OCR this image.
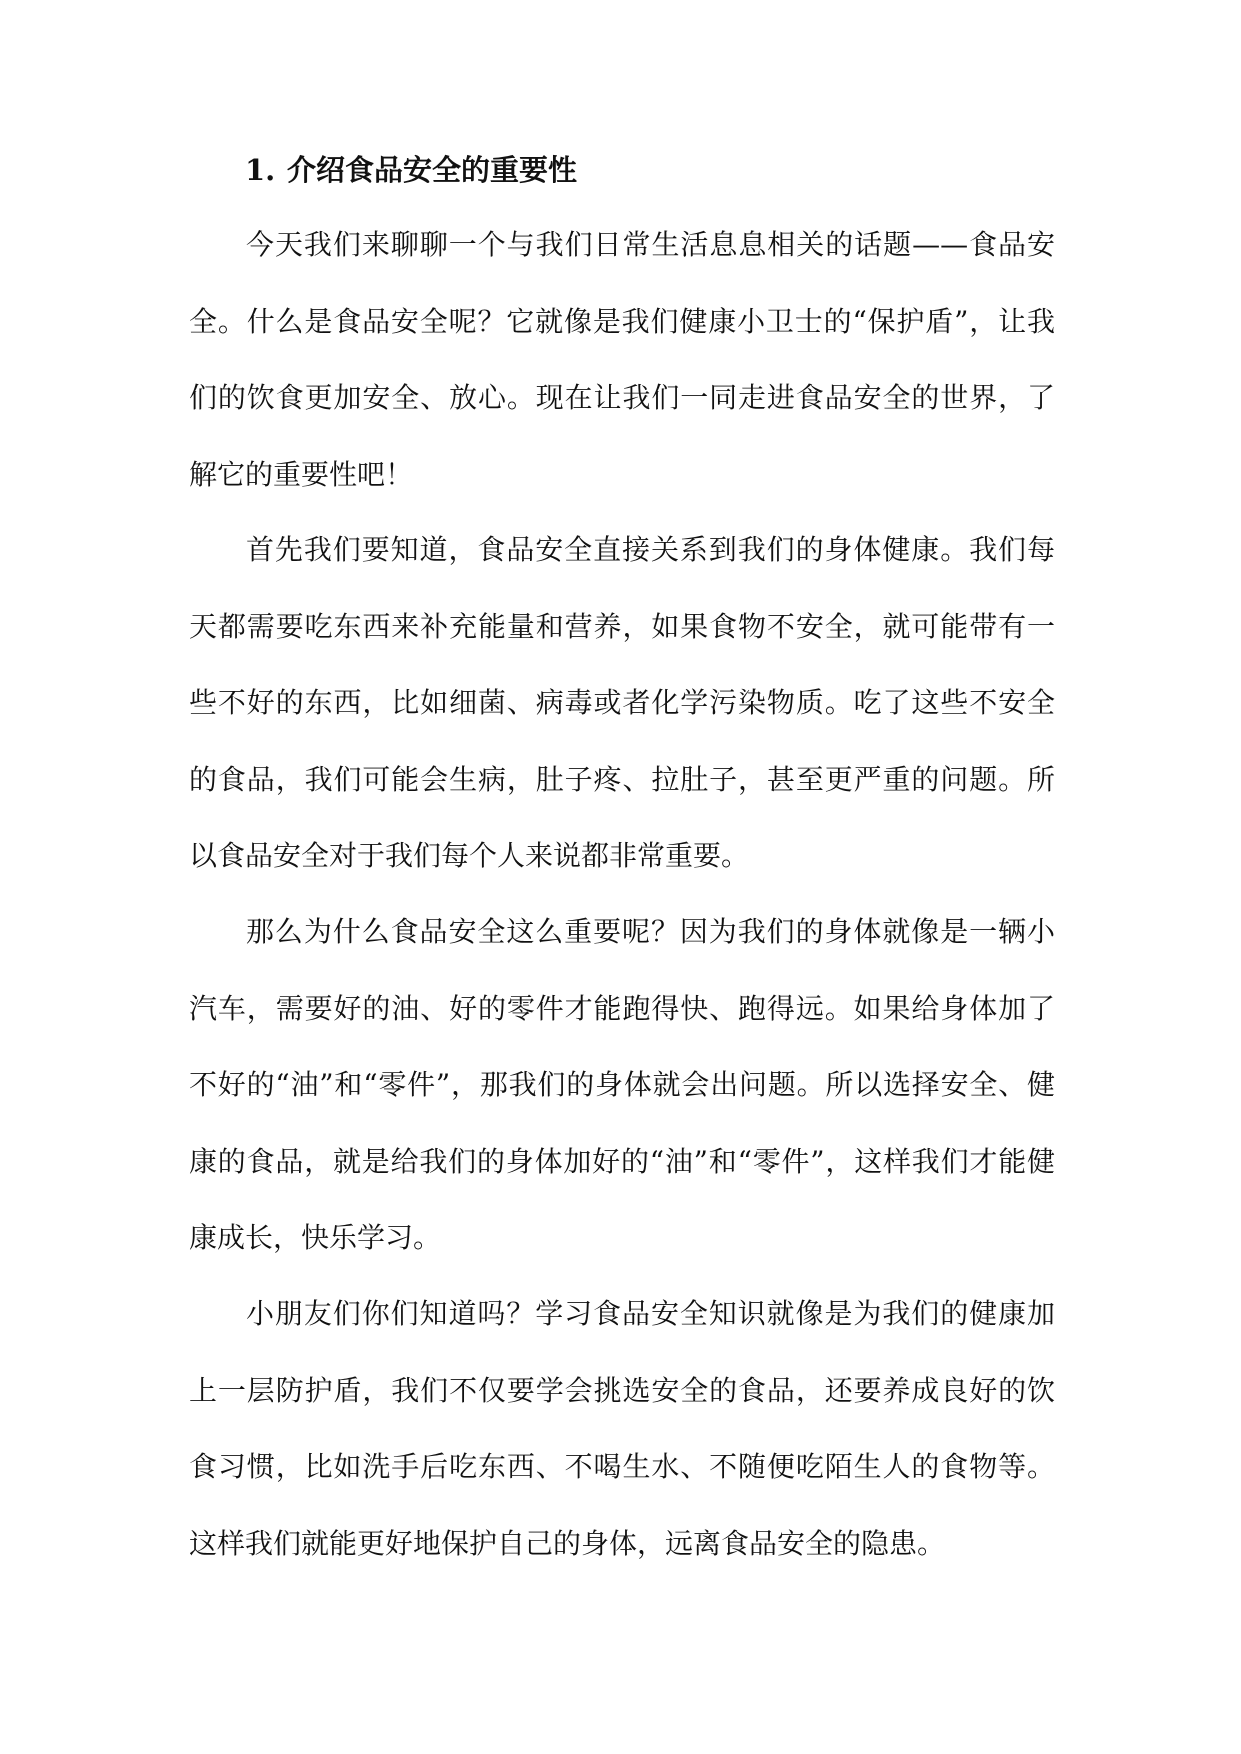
1. 介绍食品安全的重要性

今天我们来聊聊一个与我们日常生活息息相关的话题——食品安全。什么是食品安全呢？它就像是我们健康小卫士的“保护盾”，让我们的饮食更加安全、放心。现在让我们一同走进食品安全的世界，了解它的重要性吧！

首先我们要知道，食品安全直接关系到我们的身体健康。我们每天都需要吃东西来补充能量和营养，如果食物不安全，就可能带有一些不好的东西，比如细菌、病毒或者化学污染物质。吃了这些不安全的食品，我们可能会生病，肚子疼、拉肚子，甚至更严重的问题。所以食品安全对于我们每个人来说都非常重要。

那么为什么食品安全这么重要呢？因为我们的身体就像是一辆小汽车，需要好的油、好的零件才能跑得快、跑得远。如果给身体加了不好的“油”和“零件”，那我们的身体就会出问题。所以选择安全、健康的食品，就是给我们的身体加好的“油”和“零件”，这样我们才能健康成长，快乐学习。

小朋友们你们知道吗？学习食品安全知识就像是为我们的健康加上一层防护盾，我们不仅要学会挑选安全的食品，还要养成良好的饮食习惯，比如洗手后吃东西、不喝生水、不随便吃陌生人的食物等。这样我们就能更好地保护自己的身体，远离食品安全的隐患。
